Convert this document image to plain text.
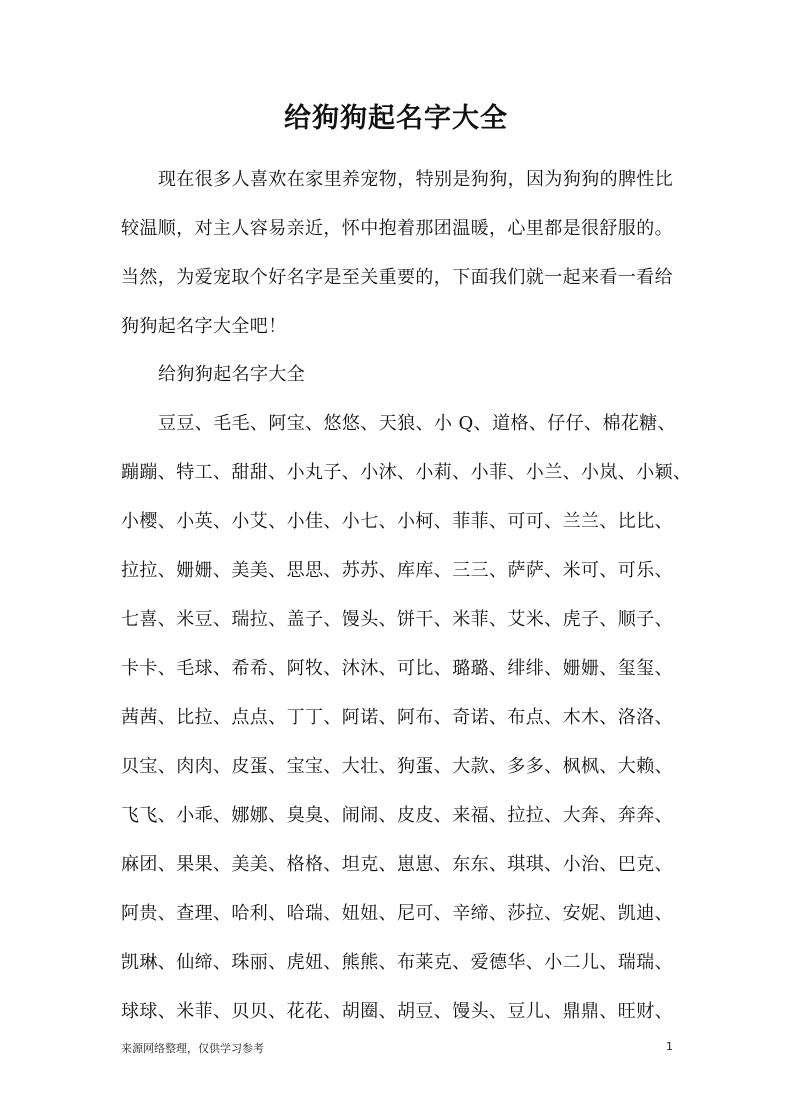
给狗狗起名字大全
现在很多人喜欢在家里养宠物，特别是狗狗，因为狗狗的脾性比
较温顺，对主人容易亲近，怀中抱着那团温暖，心里都是很舒服的。
当然，为爱宠取个好名字是至关重要的，下面我们就一起来看一看给
狗狗起名字大全吧！
给狗狗起名字大全
豆豆、毛毛、阿宝、悠悠、天狼、小 Q、道格、仔仔、棉花糖、
蹦蹦、特工、甜甜、小丸子、小沐、小莉、小菲、小兰、小岚、小颖、
小樱、小英、小艾、小佳、小七、小柯、菲菲、可可、兰兰、比比、
拉拉、姗姗、美美、思思、苏苏、库库、三三、萨萨、米可、可乐、
七喜、米豆、瑞拉、盖子、馒头、饼干、米菲、艾米、虎子、顺子、
卡卡、毛球、希希、阿牧、沐沐、可比、璐璐、绯绯、姗姗、玺玺、
茜茜、比拉、点点、丁丁、阿诺、阿布、奇诺、布点、木木、洛洛、
贝宝、肉肉、皮蛋、宝宝、大壮、狗蛋、大款、多多、枫枫、大赖、
飞飞、小乖、娜娜、臭臭、闹闹、皮皮、来福、拉拉、大奔、奔奔、
麻团、果果、美美、格格、坦克、崽崽、东东、琪琪、小治、巴克、
阿贵、查理、哈利、哈瑞、妞妞、尼可、辛缔、莎拉、安妮、凯迪、
凯琳、仙缔、珠丽、虎妞、熊熊、布莱克、爱德华、小二儿、瑞瑞、
球球、米菲、贝贝、花花、胡圈、胡豆、馒头、豆儿、鼎鼎、旺财、
来源网络整理，仅供学习参考	1
